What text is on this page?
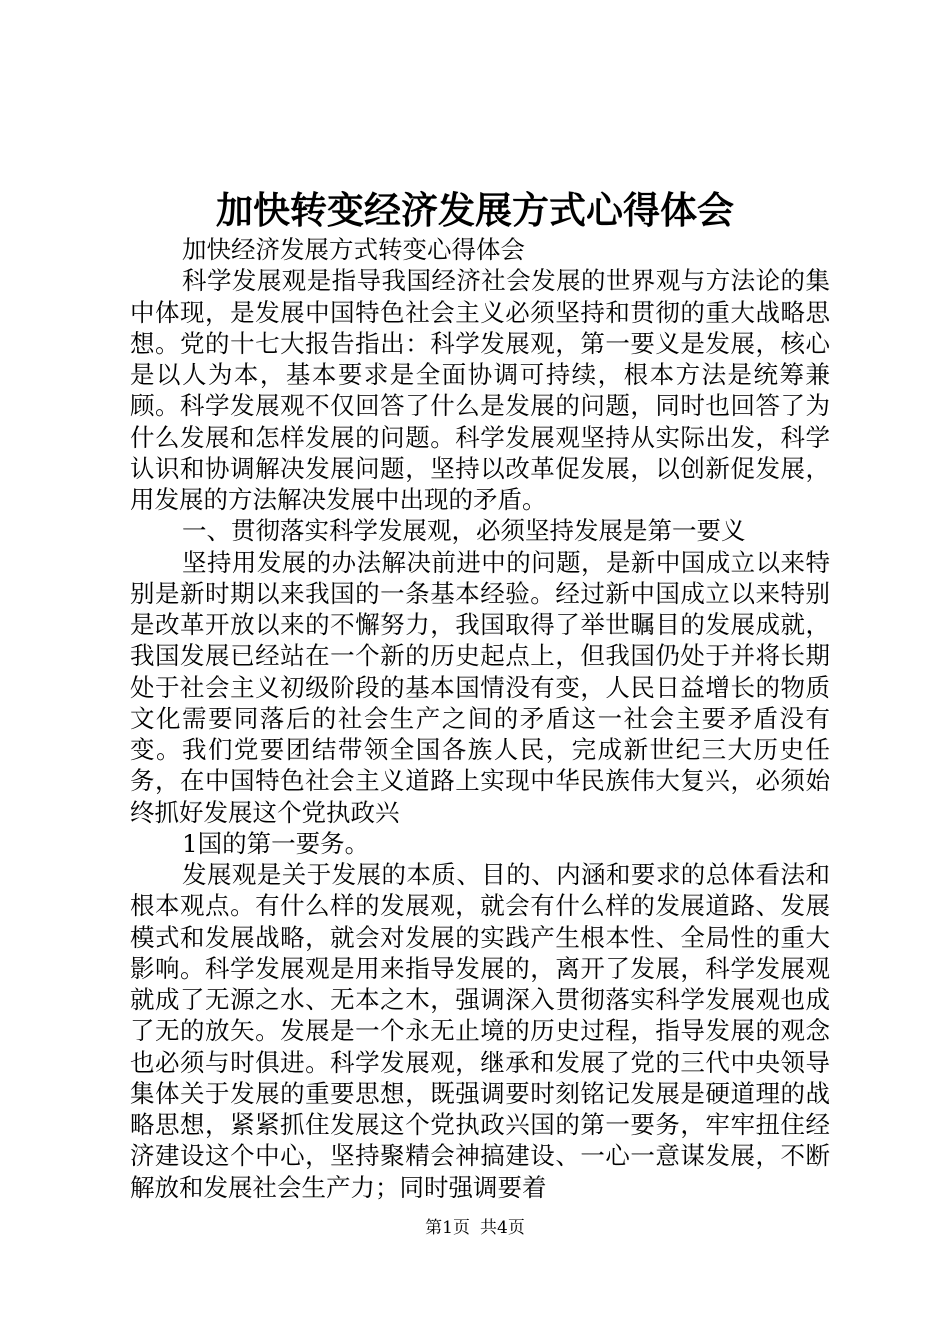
加快转变经济发展方式心得体会

加快经济发展方式转变心得体会

科学发展观是指导我国经济社会发展的世界观与方法论的集中体现，是发展中国特色社会主义必须坚持和贯彻的重大战略思想。党的十七大报告指出：科学发展观，第一要义是发展，核心是以人为本，基本要求是全面协调可持续，根本方法是统筹兼顾。科学发展观不仅回答了什么是发展的问题，同时也回答了为什么发展和怎样发展的问题。科学发展观坚持从实际出发，科学认识和协调解决发展问题，坚持以改革促发展，以创新促发展，用发展的方法解决发展中出现的矛盾。

一、贯彻落实科学发展观，必须坚持发展是第一要义

坚持用发展的办法解决前进中的问题，是新中国成立以来特别是新时期以来我国的一条基本经验。经过新中国成立以来特别是改革开放以来的不懈努力，我国取得了举世瞩目的发展成就，我国发展已经站在一个新的历史起点上，但我国仍处于并将长期处于社会主义初级阶段的基本国情没有变，人民日益增长的物质文化需要同落后的社会生产之间的矛盾这一社会主要矛盾没有变。我们党要团结带领全国各族人民，完成新世纪三大历史任务，在中国特色社会主义道路上实现中华民族伟大复兴，必须始终抓好发展这个党执政兴

1国的第一要务。

发展观是关于发展的本质、目的、内涵和要求的总体看法和根本观点。有什么样的发展观，就会有什么样的发展道路、发展模式和发展战略，就会对发展的实践产生根本性、全局性的重大影响。科学发展观是用来指导发展的，离开了发展，科学发展观就成了无源之水、无本之木，强调深入贯彻落实科学发展观也成了无的放矢。发展是一个永无止境的历史过程，指导发展的观念也必须与时俱进。科学发展观，继承和发展了党的三代中央领导集体关于发展的重要思想，既强调要时刻铭记发展是硬道理的战略思想，紧紧抓住发展这个党执政兴国的第一要务，牢牢扭住经济建设这个中心，坚持聚精会神搞建设、一心一意谋发展，不断解放和发展社会生产力；同时强调要着

第1页 共4页
